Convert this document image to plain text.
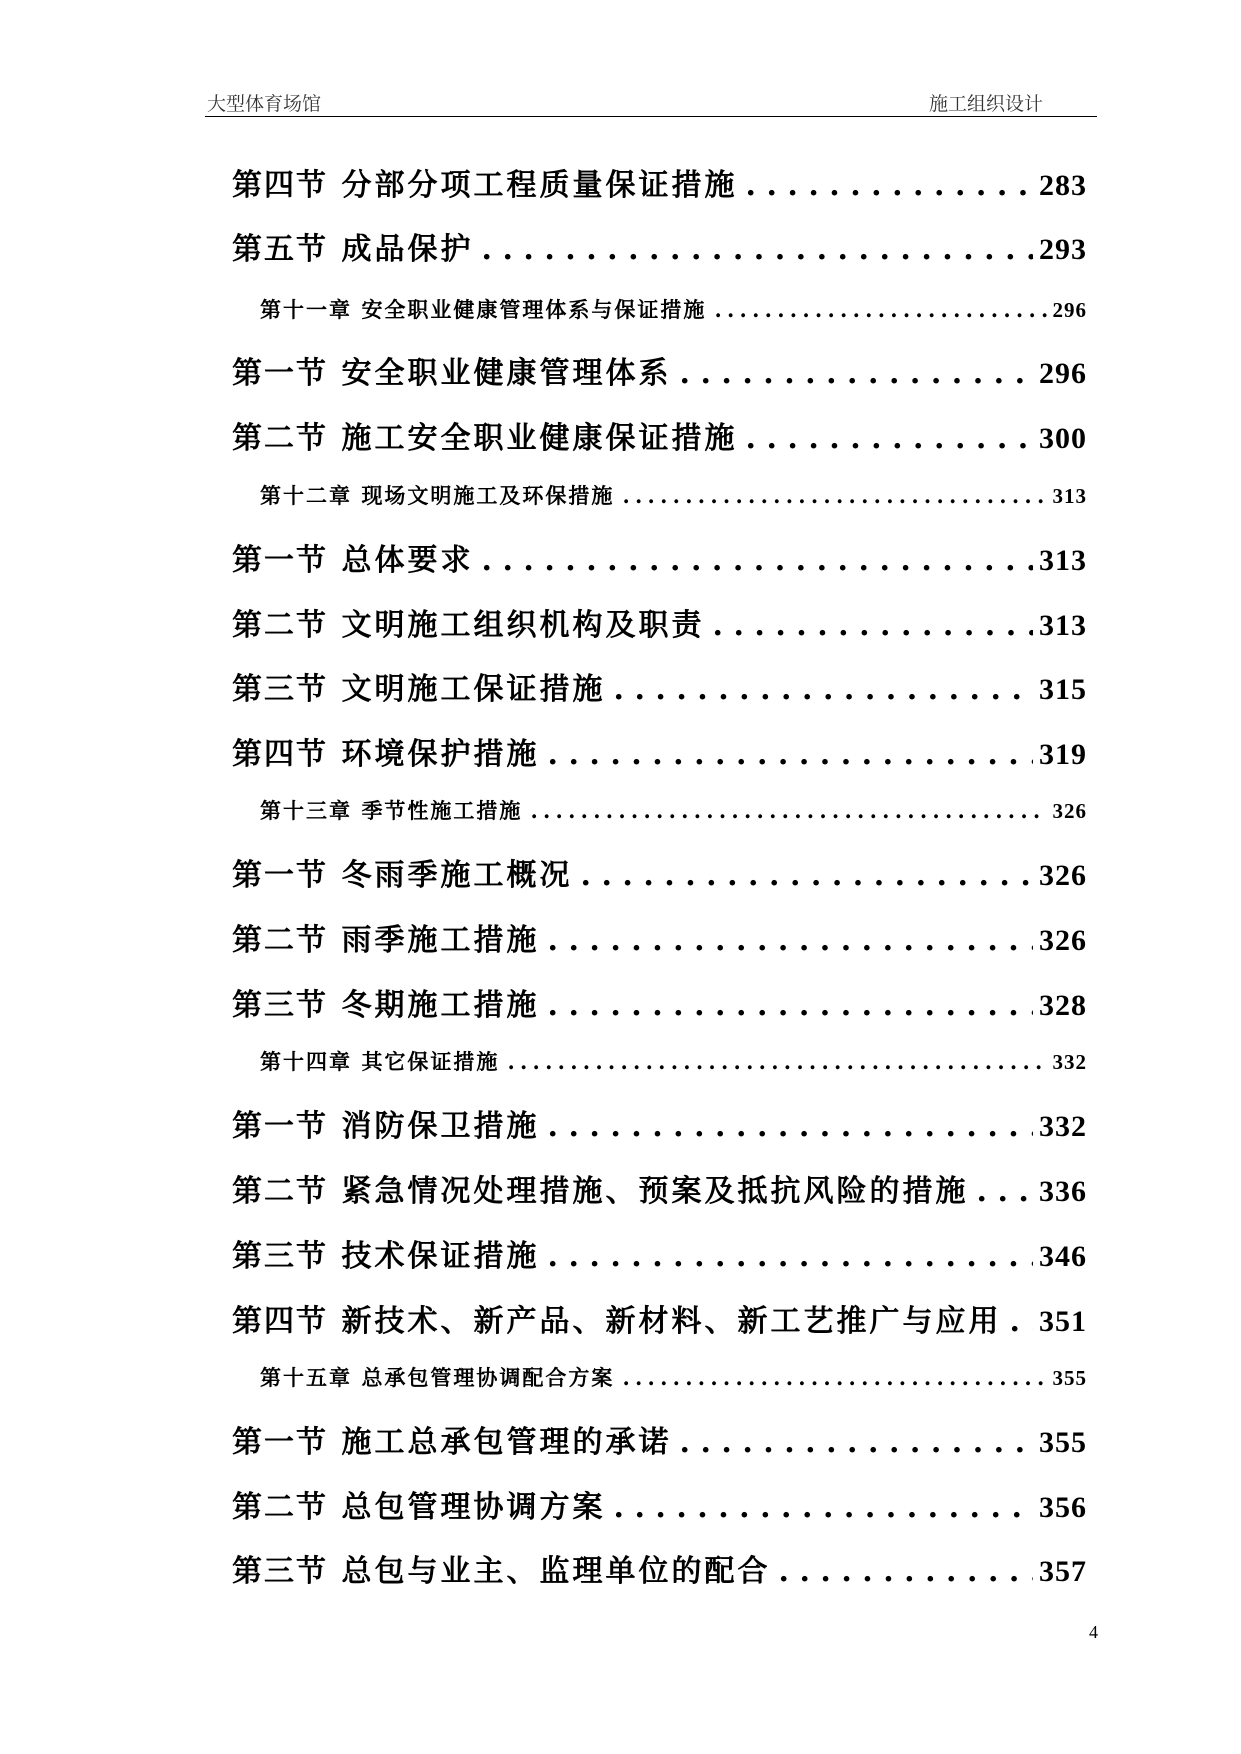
大型体育场馆	施工组织设计
第四节 分部分项工程质量保证措施 .....	283
第五节 成品保护 .....	293
第十一章 安全职业健康管理体系与保证措施 .....	296
第一节 安全职业健康管理体系 .....	296
第二节 施工安全职业健康保证措施 .....	300
第十二章 现场文明施工及环保措施 .....	313
第一节 总体要求 .....	313
第二节 文明施工组织机构及职责 .....	313
第三节 文明施工保证措施 .....	315
第四节 环境保护措施 .....	319
第十三章 季节性施工措施 .....	326
第一节 冬雨季施工概况 .....	326
第二节 雨季施工措施 .....	326
第三节 冬期施工措施 .....	328
第十四章 其它保证措施 .....	332
第一节 消防保卫措施 .....	332
第二节 紧急情况处理措施、预案及抵抗风险的措施 ..... 336
第三节 技术保证措施 .....	346
第四节 新技术、新产品、新材料、新工艺推广与应用 ..... 351
第十五章 总承包管理协调配合方案 .....	355
第一节 施工总承包管理的承诺 .....	355
第二节 总包管理协调方案 .....	356
第三节 总包与业主、监理单位的配合 .....	357
4
